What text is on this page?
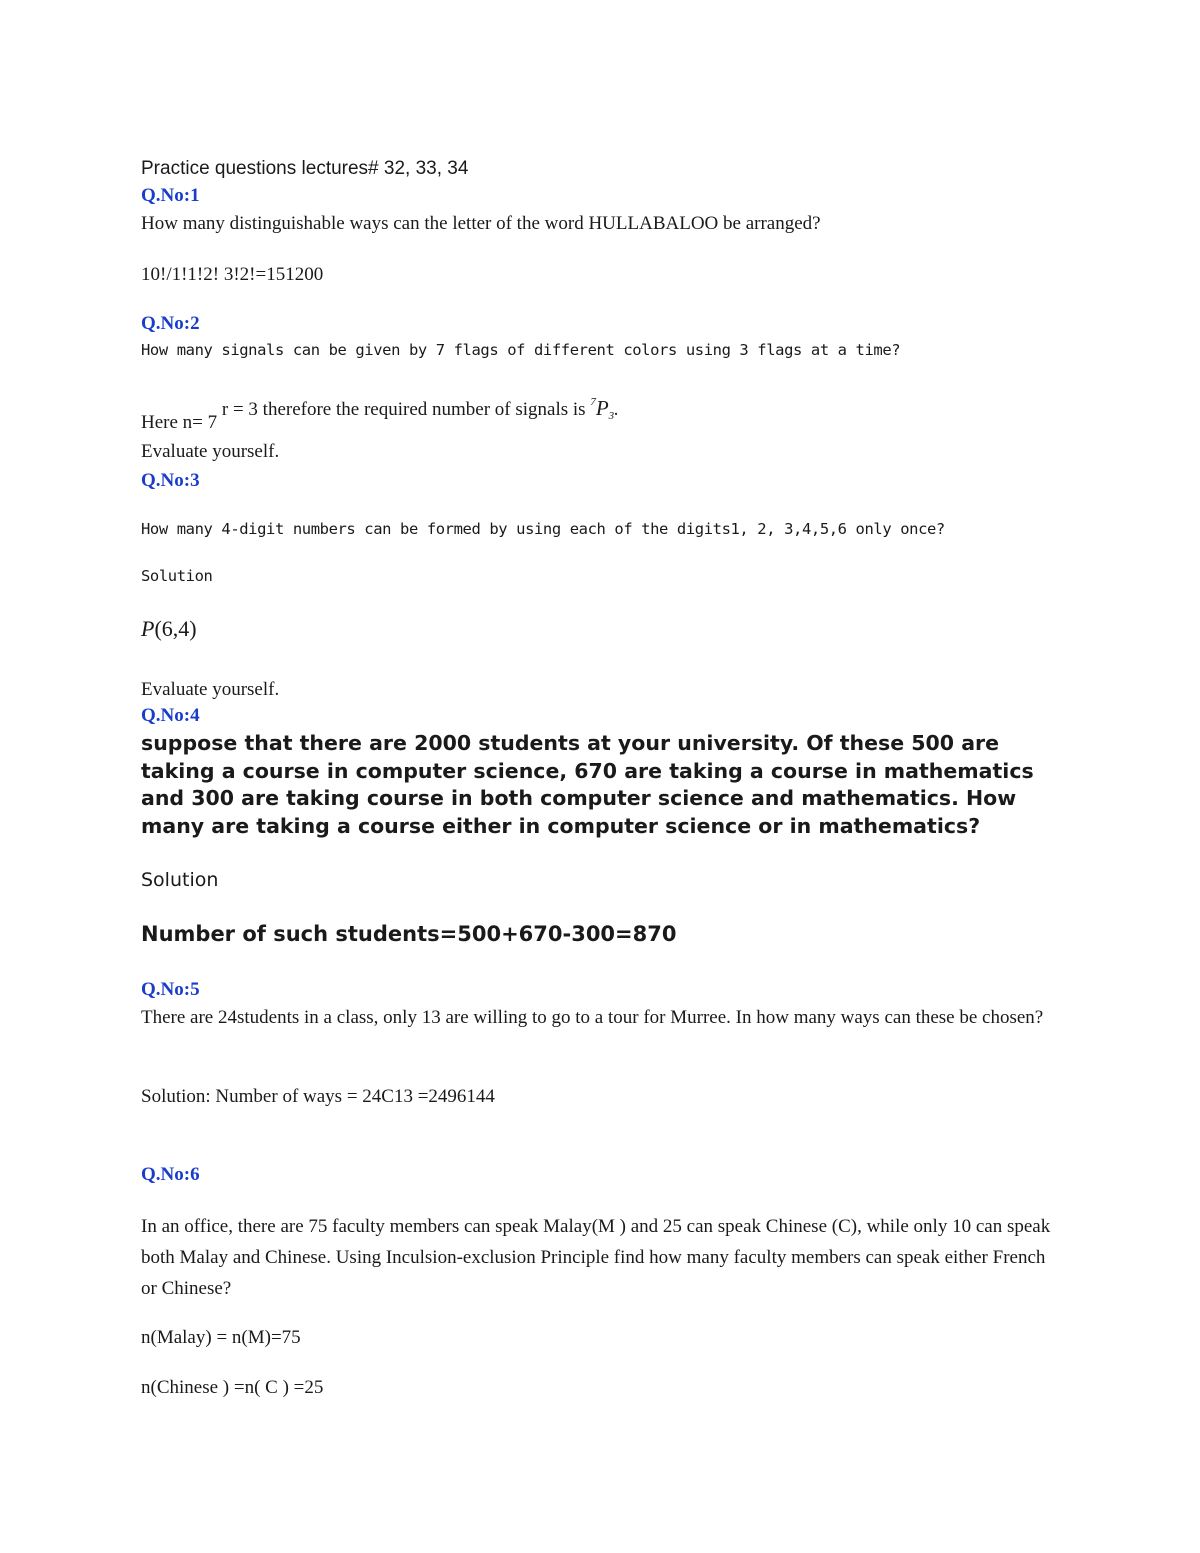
Practice questions lectures# 32, 33, 34
Q.No:1
How many distinguishable ways can the letter of the word HULLABALOO be arranged?
10!/1!1!2! 3!2!=151200
Q.No:2
How many signals can be given by 7 flags of different colors using 3 flags at a time?
Here n= 7 r = 3 therefore the required number of signals is $^7P_3$.
Evaluate yourself.
Q.No:3
How many 4-digit numbers can be formed by using each of the digits1, 2, 3,4,5,6 only once?
Solution
P(6,4)
Evaluate yourself.
Q.No:4
suppose that there are 2000 students at your university. Of these 500 are taking a course in computer science, 670 are taking a course in mathematics and 300 are taking course in both computer science and mathematics. How many are taking a course either in computer science or in mathematics?
Solution
Number of such students=500+670-300=870
Q.No:5
There are 24students in a class, only 13 are willing to go to a tour for Murree. In how many ways can these be chosen?
Solution: Number of ways = 24C13 =2496144
Q.No:6
In an office, there are 75 faculty members can speak Malay(M ) and 25 can speak Chinese (C), while only 10 can speak both Malay and Chinese. Using Inculsion-exclusion Principle find how many faculty members can speak either French or Chinese?
n(Malay) = n(M)=75
n(Chinese ) =n( C ) =25
